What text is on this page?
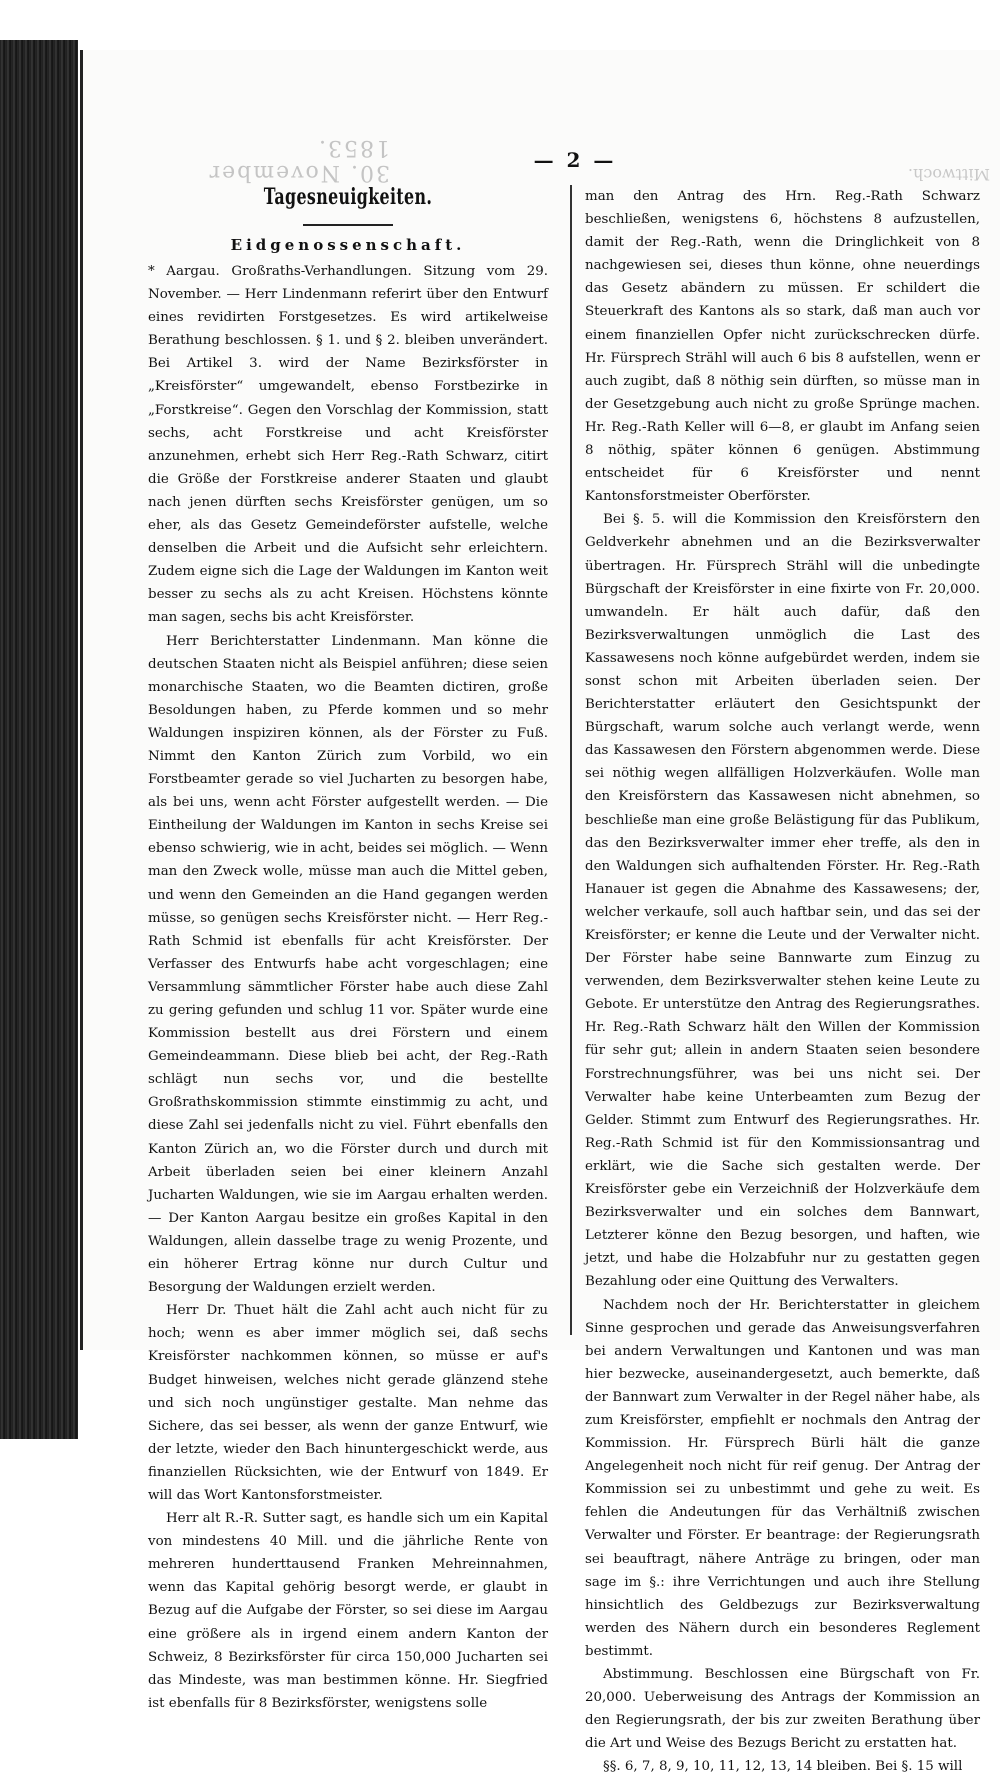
30. November 1853.
Mittwoch.
— 2 —
Tagesneuigkeiten.
Eidgenossenschaft.

* Aargau. Großraths-Verhandlungen. Sitzung vom 29. November. — Herr Lindenmann referirt über den Entwurf eines revidirten Forstgesetzes. Es wird artikelweise Berathung beschlossen. § 1. und § 2. bleiben unverändert. Bei Artikel 3. wird der Name Bezirksförster in „Kreisförster“ umgewandelt, ebenso Forstbezirke in „Forstkreise“. Gegen den Vorschlag der Kommission, statt sechs, acht Forstkreise und acht Kreisförster anzunehmen, erhebt sich Herr Reg.-Rath Schwarz, citirt die Größe der Forstkreise anderer Staaten und glaubt nach jenen dürften sechs Kreisförster genügen, um so eher, als das Gesetz Gemeindeförster aufstelle, welche denselben die Arbeit und die Aufsicht sehr erleichtern. Zudem eigne sich die Lage der Waldungen im Kanton weit besser zu sechs als zu acht Kreisen. Höchstens könnte man sagen, sechs bis acht Kreisförster.

Herr Berichterstatter Lindenmann. Man könne die deutschen Staaten nicht als Beispiel anführen; diese seien monarchische Staaten, wo die Beamten dictiren, große Besoldungen haben, zu Pferde kommen und so mehr Waldungen inspiziren können, als der Förster zu Fuß. Nimmt den Kanton Zürich zum Vorbild, wo ein Forstbeamter gerade so viel Jucharten zu besorgen habe, als bei uns, wenn acht Förster aufgestellt werden. — Die Eintheilung der Waldungen im Kanton in sechs Kreise sei ebenso schwierig, wie in acht, beides sei möglich. — Wenn man den Zweck wolle, müsse man auch die Mittel geben, und wenn den Gemeinden an die Hand gegangen werden müsse, so genügen sechs Kreisförster nicht. — Herr Reg.-Rath Schmid ist ebenfalls für acht Kreisförster. Der Verfasser des Entwurfs habe acht vorgeschlagen; eine Versammlung sämmtlicher Förster habe auch diese Zahl zu gering gefunden und schlug 11 vor. Später wurde eine Kommission bestellt aus drei Förstern und einem Gemeindeammann. Diese blieb bei acht, der Reg.-Rath schlägt nun sechs vor, und die bestellte Großrathskommission stimmte einstimmig zu acht, und diese Zahl sei jedenfalls nicht zu viel. Führt ebenfalls den Kanton Zürich an, wo die Förster durch und durch mit Arbeit überladen seien bei einer kleinern Anzahl Jucharten Waldungen, wie sie im Aargau erhalten werden. — Der Kanton Aargau besitze ein großes Kapital in den Waldungen, allein dasselbe trage zu wenig Prozente, und ein höherer Ertrag könne nur durch Cultur und Besorgung der Waldungen erzielt werden.

Herr Dr. Thuet hält die Zahl acht auch nicht für zu hoch; wenn es aber immer möglich sei, daß sechs Kreisförster nachkommen können, so müsse er auf's Budget hinweisen, welches nicht gerade glänzend stehe und sich noch ungünstiger gestalte. Man nehme das Sichere, das sei besser, als wenn der ganze Entwurf, wie der letzte, wieder den Bach hinuntergeschickt werde, aus finanziellen Rücksichten, wie der Entwurf von 1849. Er will das Wort Kantonsforstmeister.

Herr alt R.-R. Sutter sagt, es handle sich um ein Kapital von mindestens 40 Mill. und die jährliche Rente von mehreren hunderttausend Franken Mehreinnahmen, wenn das Kapital gehörig besorgt werde, er glaubt in Bezug auf die Aufgabe der Förster, so sei diese im Aargau eine größere als in irgend einem andern Kanton der Schweiz, 8 Bezirksförster für circa 150,000 Jucharten sei das Mindeste, was man bestimmen könne. Hr. Siegfried ist ebenfalls für 8 Bezirksförster, wenigstens solle

man den Antrag des Hrn. Reg.-Rath Schwarz beschließen, wenigstens 6, höchstens 8 aufzustellen, damit der Reg.-Rath, wenn die Dringlichkeit von 8 nachgewiesen sei, dieses thun könne, ohne neuerdings das Gesetz abändern zu müssen. Er schildert die Steuerkraft des Kantons als so stark, daß man auch vor einem finanziellen Opfer nicht zurückschrecken dürfe. Hr. Fürsprech Strähl will auch 6 bis 8 aufstellen, wenn er auch zugibt, daß 8 nöthig sein dürften, so müsse man in der Gesetzgebung auch nicht zu große Sprünge machen. Hr. Reg.-Rath Keller will 6—8, er glaubt im Anfang seien 8 nöthig, später können 6 genügen. Abstimmung entscheidet für 6 Kreisförster und nennt Kantonsforstmeister Oberförster.

Bei §. 5. will die Kommission den Kreisförstern den Geldverkehr abnehmen und an die Bezirksverwalter übertragen. Hr. Fürsprech Strähl will die unbedingte Bürgschaft der Kreisförster in eine fixirte von Fr. 20,000. umwandeln. Er hält auch dafür, daß den Bezirksverwaltungen unmöglich die Last des Kassawesens noch könne aufgebürdet werden, indem sie sonst schon mit Arbeiten überladen seien. Der Berichterstatter erläutert den Gesichtspunkt der Bürgschaft, warum solche auch verlangt werde, wenn das Kassawesen den Förstern abgenommen werde. Diese sei nöthig wegen allfälligen Holzverkäufen. Wolle man den Kreisförstern das Kassawesen nicht abnehmen, so beschließe man eine große Belästigung für das Publikum, das den Bezirksverwalter immer eher treffe, als den in den Waldungen sich aufhaltenden Förster. Hr. Reg.-Rath Hanauer ist gegen die Abnahme des Kassawesens; der, welcher verkaufe, soll auch haftbar sein, und das sei der Kreisförster; er kenne die Leute und der Verwalter nicht. Der Förster habe seine Bannwarte zum Einzug zu verwenden, dem Bezirksverwalter stehen keine Leute zu Gebote. Er unterstütze den Antrag des Regierungsrathes. Hr. Reg.-Rath Schwarz hält den Willen der Kommission für sehr gut; allein in andern Staaten seien besondere Forstrechnungsführer, was bei uns nicht sei. Der Verwalter habe keine Unterbeamten zum Bezug der Gelder. Stimmt zum Entwurf des Regierungsrathes. Hr. Reg.-Rath Schmid ist für den Kommissionsantrag und erklärt, wie die Sache sich gestalten werde. Der Kreisförster gebe ein Verzeichniß der Holzverkäufe dem Bezirksverwalter und ein solches dem Bannwart, Letzterer könne den Bezug besorgen, und haften, wie jetzt, und habe die Holzabfuhr nur zu gestatten gegen Bezahlung oder eine Quittung des Verwalters.

Nachdem noch der Hr. Berichterstatter in gleichem Sinne gesprochen und gerade das Anweisungsverfahren bei andern Verwaltungen und Kantonen und was man hier bezwecke, auseinandergesetzt, auch bemerkte, daß der Bannwart zum Verwalter in der Regel näher habe, als zum Kreisförster, empfiehlt er nochmals den Antrag der Kommission. Hr. Fürsprech Bürli hält die ganze Angelegenheit noch nicht für reif genug. Der Antrag der Kommission sei zu unbestimmt und gehe zu weit. Es fehlen die Andeutungen für das Verhältniß zwischen Verwalter und Förster. Er beantrage: der Regierungsrath sei beauftragt, nähere Anträge zu bringen, oder man sage im §.: ihre Verrichtungen und auch ihre Stellung hinsichtlich des Geldbezugs zur Bezirksverwaltung werden des Nähern durch ein besonderes Reglement bestimmt.

Abstimmung. Beschlossen eine Bürgschaft von Fr. 20,000. Ueberweisung des Antrags der Kommission an den Regierungsrath, der bis zur zweiten Berathung über die Art und Weise des Bezugs Bericht zu erstatten hat.

§§. 6, 7, 8, 9, 10, 11, 12, 13, 14 bleiben. Bei §. 15 will
